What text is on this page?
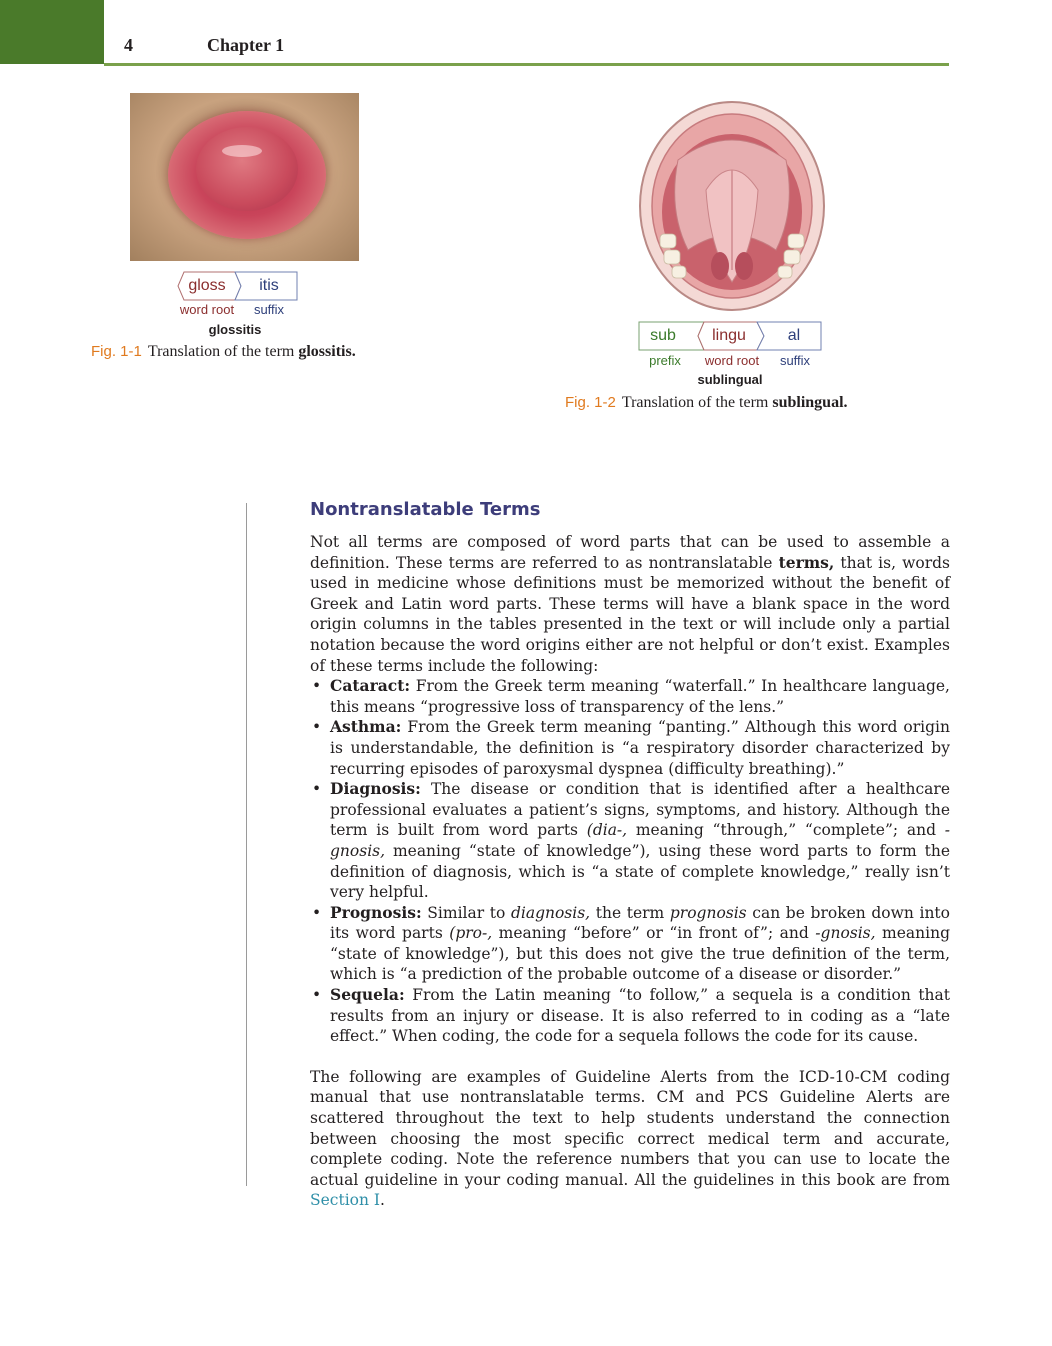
4	Chapter 1
gloss	itis
word root	suffix
glossitis
Fig. 1-1 Translation of the term glossitis.
sub	lingu	al
prefix	word root	suffix
sublingual
Fig. 1-2 Translation of the term sublingual.
Nontranslatable Terms

Not all terms are composed of word parts that can be used to assemble a definition. These terms are referred to as nontranslatable terms, that is, words used in medicine whose definitions must be memorized without the benefit of Greek and Latin word parts. These terms will have a blank space in the word origin columns in the tables presented in the text or will include only a partial notation because the word origins either are not helpful or don’t exist. Examples of these terms include the following:

• Cataract: From the Greek term meaning “waterfall.” In healthcare language, this means “progressive loss of transparency of the lens.”
• Asthma: From the Greek term meaning “panting.” Although this word origin is understandable, the definition is “a respiratory disorder characterized by recurring episodes of paroxysmal dyspnea (difficulty breathing).”
• Diagnosis: The disease or condition that is identified after a healthcare professional evaluates a patient’s signs, symptoms, and history. Although the term is built from word parts (dia-, meaning “through,” “complete”; and -gnosis, meaning “state of knowledge”), using these word parts to form the definition of diagnosis, which is “a state of complete knowledge,” really isn’t very helpful.
• Prognosis: Similar to diagnosis, the term prognosis can be broken down into its word parts (pro-, meaning “before” or “in front of”; and -gnosis, meaning “state of knowledge”), but this does not give the true definition of the term, which is “a prediction of the probable outcome of a disease or disorder.”
• Sequela: From the Latin meaning “to follow,” a sequela is a condition that results from an injury or disease. It is also referred to in coding as a “late effect.” When coding, the code for a sequela follows the code for its cause.

The following are examples of Guideline Alerts from the ICD-10-CM coding manual that use nontranslatable terms. CM and PCS Guideline Alerts are scattered throughout the text to help students understand the connection between choosing the most specific correct medical term and accurate, complete coding. Note the reference numbers that you can use to locate the actual guideline in your coding manual. All the guidelines in this book are from Section I.
